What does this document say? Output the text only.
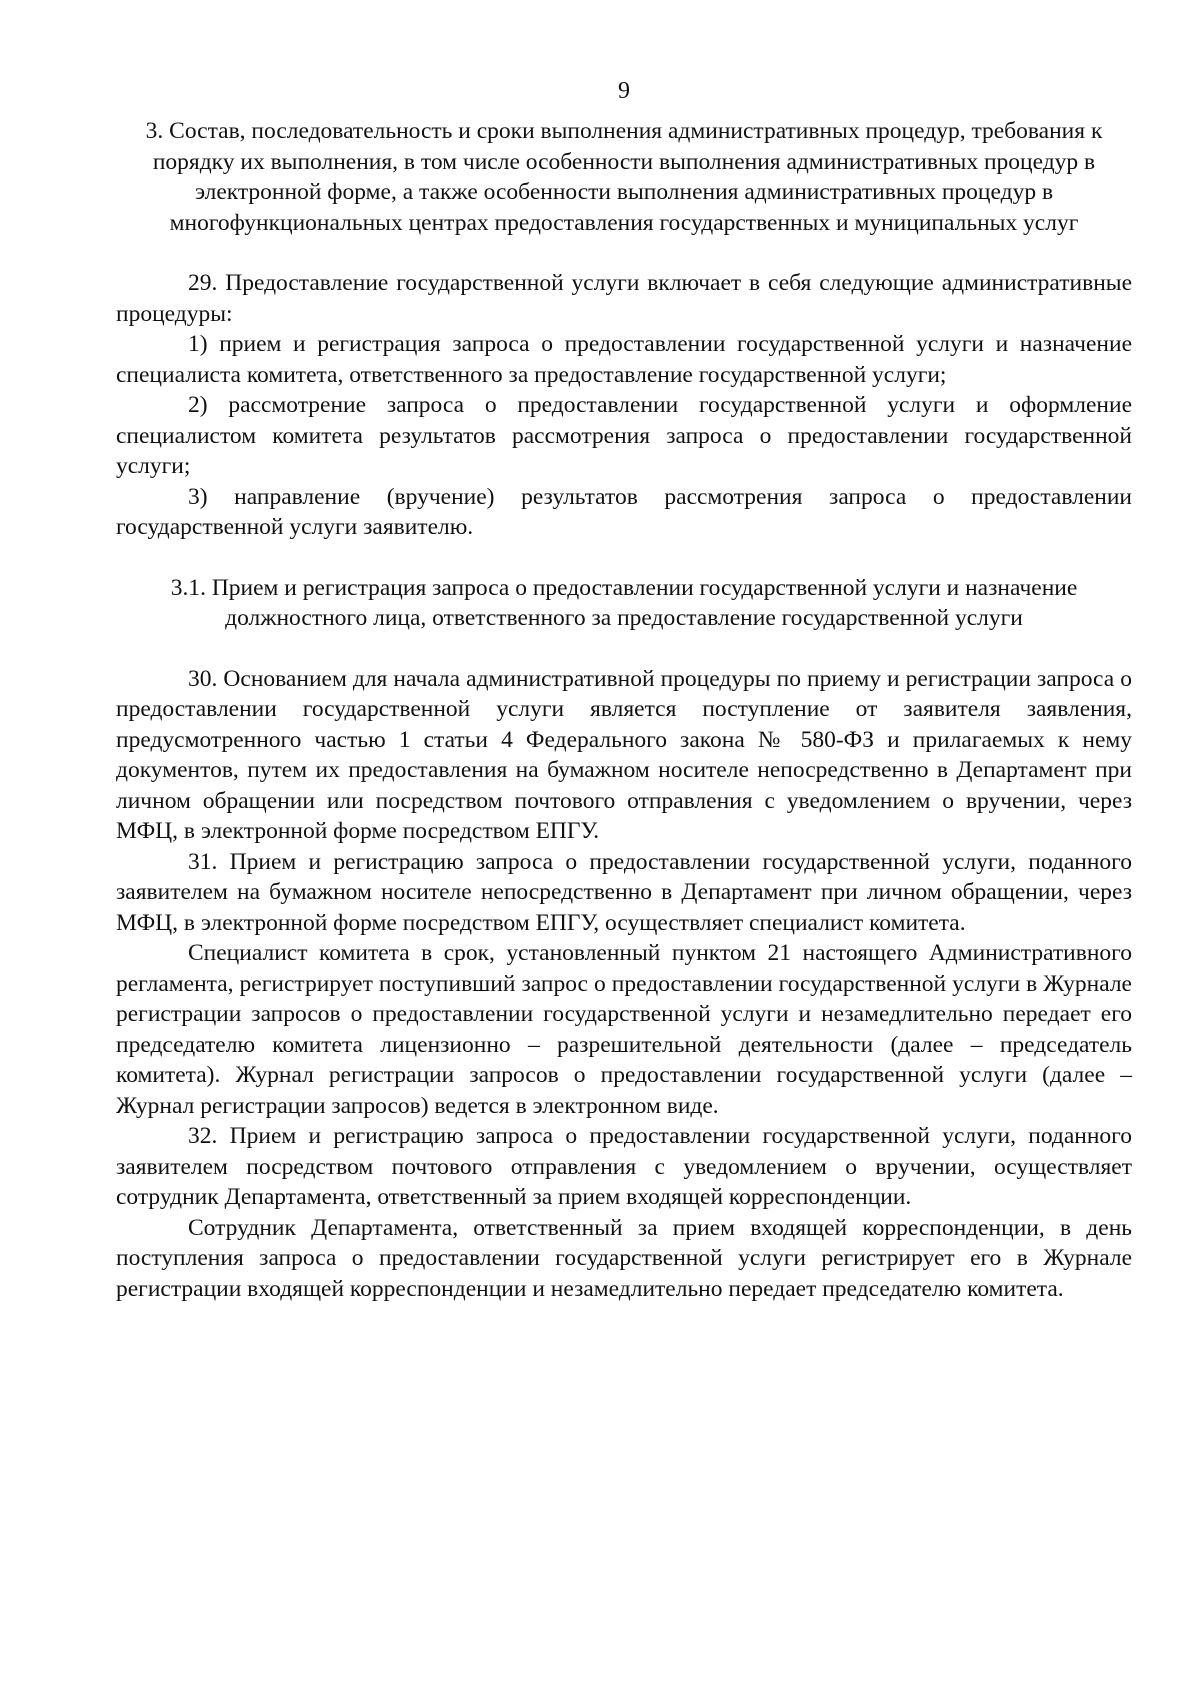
9
3. Состав, последовательность и сроки выполнения административных процедур, требования к порядку их выполнения, в том числе особенности выполнения административных процедур в электронной форме, а также особенности выполнения административных процедур в многофункциональных центрах предоставления государственных и муниципальных услуг

29. Предоставление государственной услуги включает в себя следующие административные процедуры:

1) прием и регистрация запроса о предоставлении государственной услуги и назначение специалиста комитета, ответственного за предоставление государственной услуги;

2) рассмотрение запроса о предоставлении государственной услуги и оформление специалистом комитета результатов рассмотрения запроса о предоставлении государственной услуги;

3) направление (вручение) результатов рассмотрения запроса о предоставлении государственной услуги заявителю.

3.1. Прием и регистрация запроса о предоставлении государственной услуги и назначение должностного лица, ответственного за предоставление государственной услуги

30. Основанием для начала административной процедуры по приему и регистрации запроса о предоставлении государственной услуги является поступление от заявителя заявления, предусмотренного частью 1 статьи 4 Федерального закона № 580-ФЗ и прилагаемых к нему документов, путем их предоставления на бумажном носителе непосредственно в Департамент при личном обращении или посредством почтового отправления с уведомлением о вручении, через МФЦ, в электронной форме посредством ЕПГУ.

31. Прием и регистрацию запроса о предоставлении государственной услуги, поданного заявителем на бумажном носителе непосредственно в Департамент при личном обращении, через МФЦ, в электронной форме посредством ЕПГУ, осуществляет специалист комитета.

Специалист комитета в срок, установленный пунктом 21 настоящего Административного регламента, регистрирует поступивший запрос о предоставлении государственной услуги в Журнале регистрации запросов о предоставлении государственной услуги и незамедлительно передает его председателю комитета лицензионно – разрешительной деятельности (далее – председатель комитета). Журнал регистрации запросов о предоставлении государственной услуги (далее – Журнал регистрации запросов) ведется в электронном виде.

32. Прием и регистрацию запроса о предоставлении государственной услуги, поданного заявителем посредством почтового отправления с уведомлением о вручении, осуществляет сотрудник Департамента, ответственный за прием входящей корреспонденции.

Сотрудник Департамента, ответственный за прием входящей корреспонденции, в день поступления запроса о предоставлении государственной услуги регистрирует его в Журнале регистрации входящей корреспонденции и незамедлительно передает председателю комитета.
